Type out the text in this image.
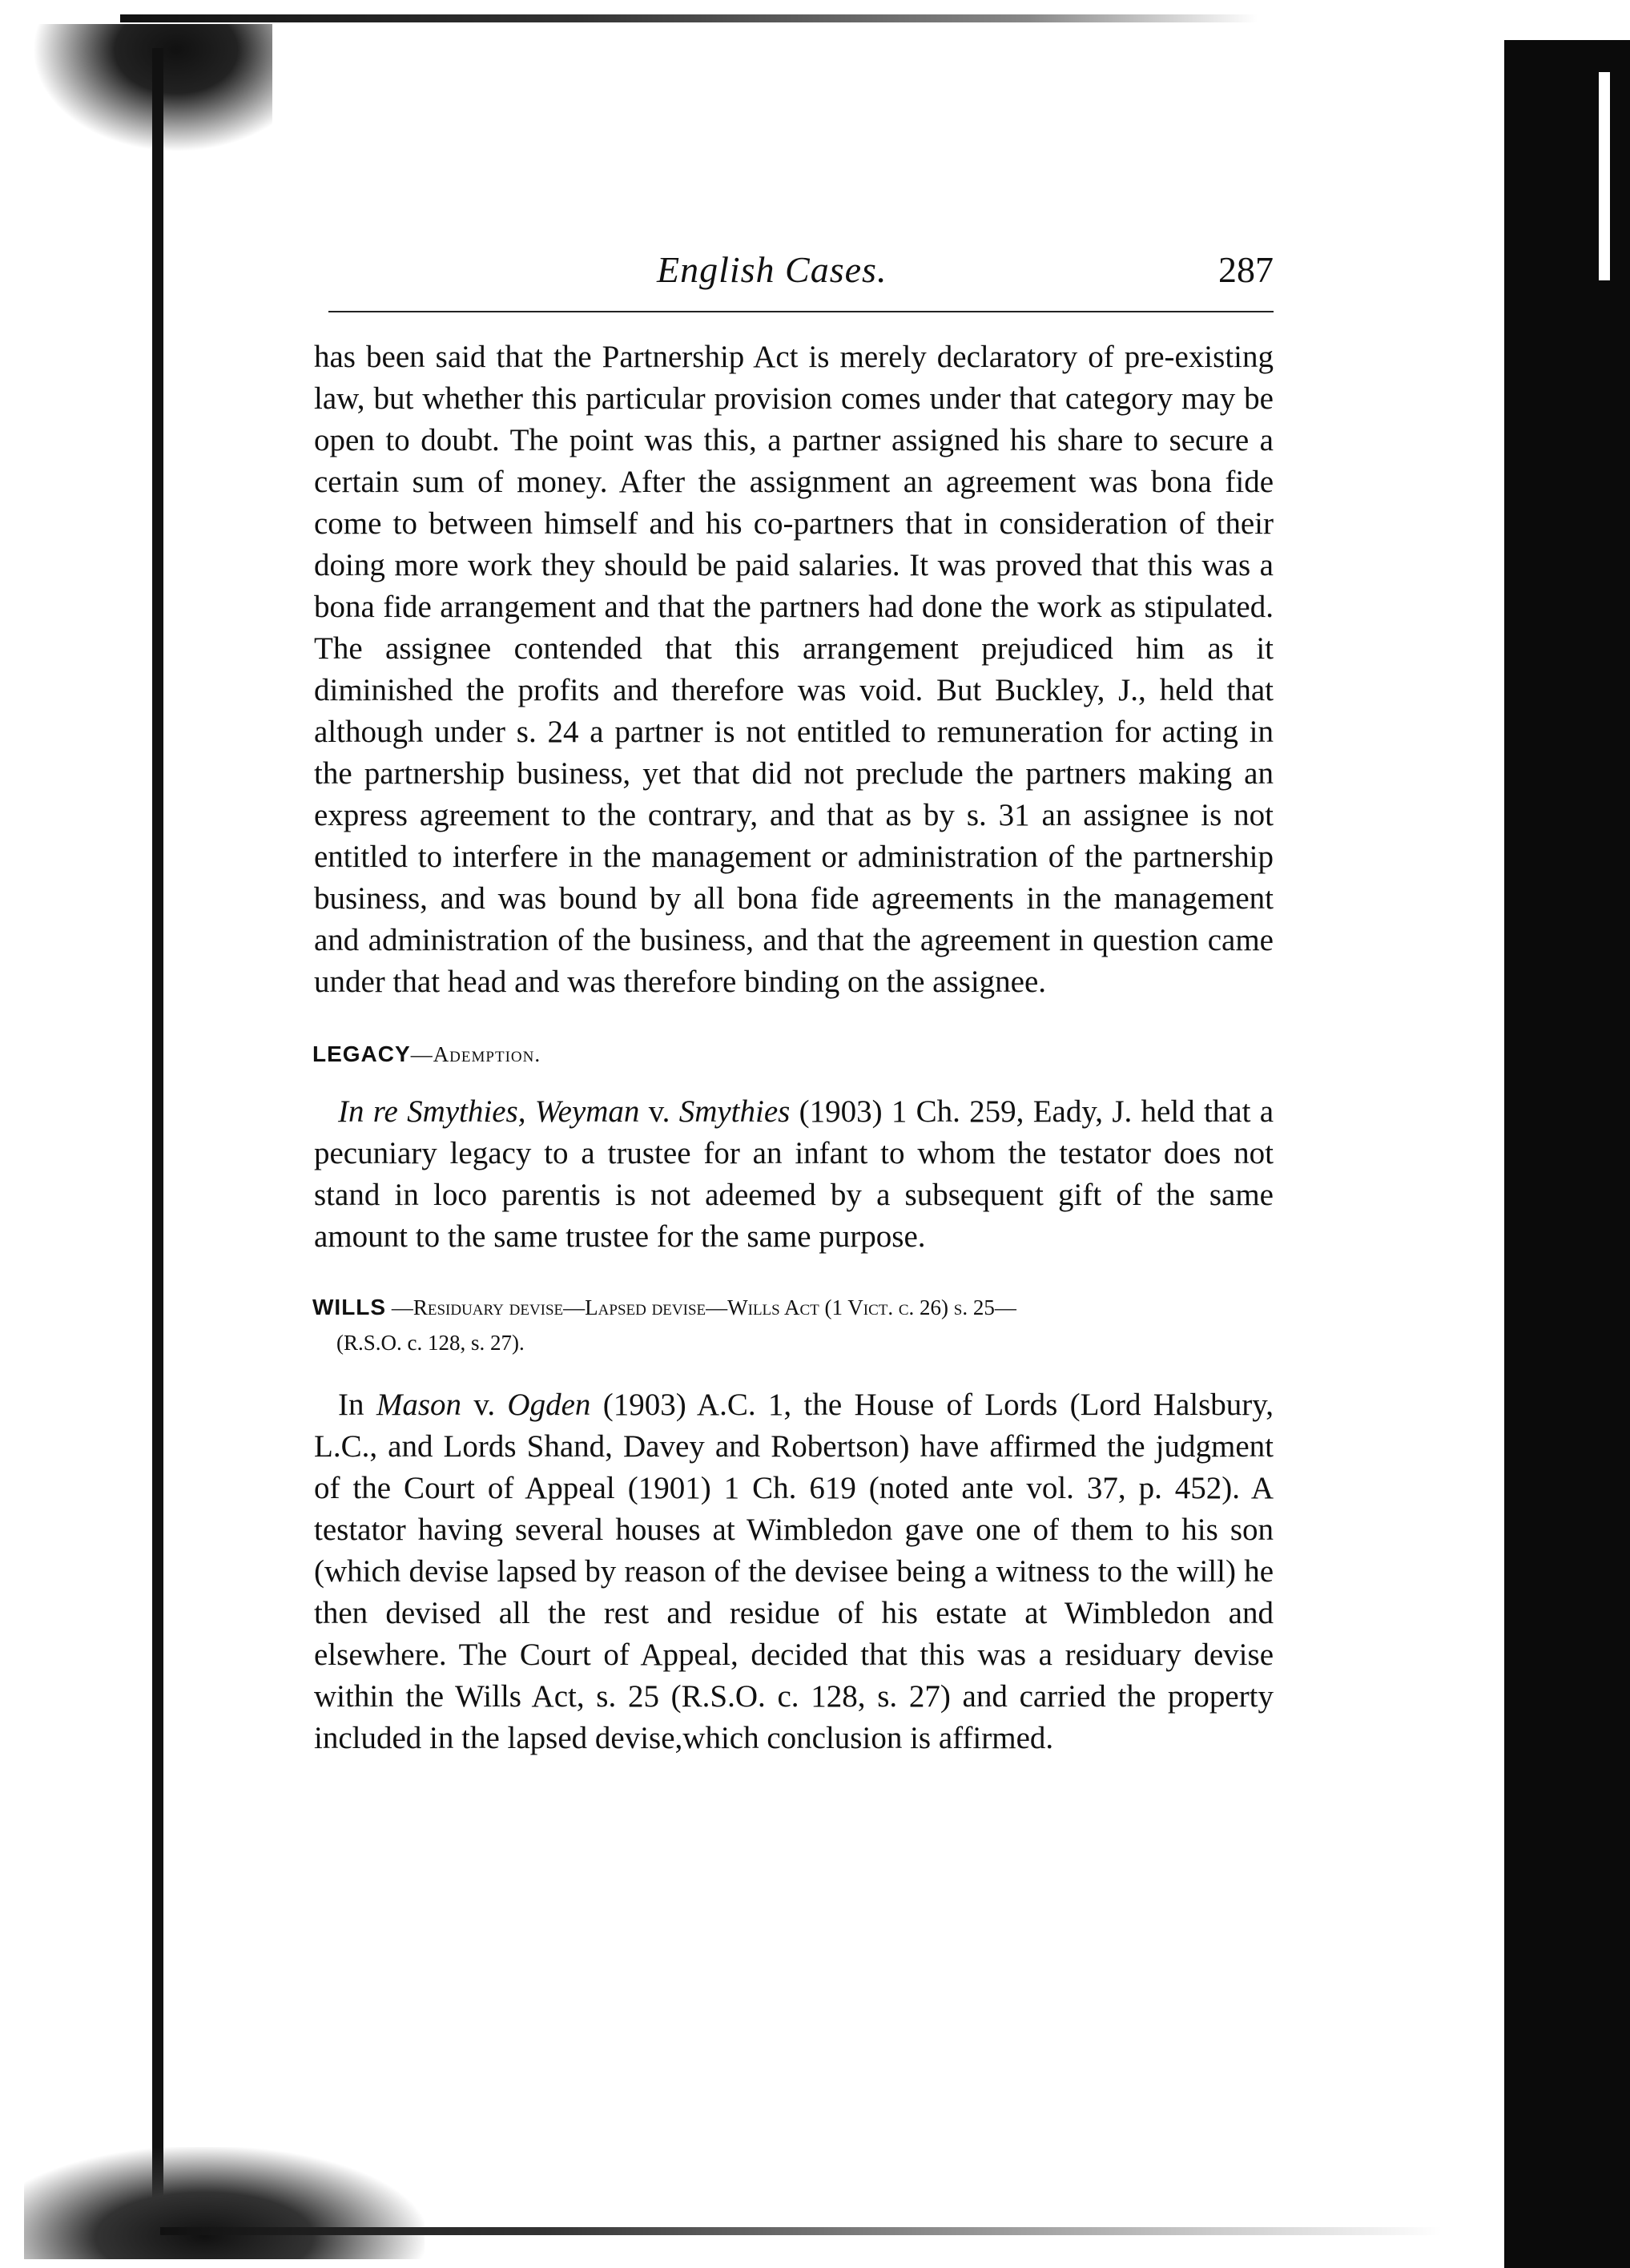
English Cases.	287

has been said that the Partnership Act is merely declaratory of pre-existing law, but whether this particular provision comes under that category may be open to doubt. The point was this, a partner assigned his share to secure a certain sum of money. After the assignment an agreement was bona fide come to between himself and his co-partners that in consideration of their doing more work they should be paid salaries. It was proved that this was a bona fide arrangement and that the partners had done the work as stipulated. The assignee contended that this arrangement prejudiced him as it diminished the profits and therefore was void. But Buckley, J., held that although under s. 24 a partner is not entitled to remuneration for acting in the partnership business, yet that did not preclude the partners making an express agreement to the contrary, and that as by s. 31 an assignee is not entitled to interfere in the management or administration of the partnership business, and was bound by all bona fide agreements in the management and administration of the business, and that the agreement in question came under that head and was therefore binding on the assignee.

LEGACY—Ademption.

In re Smythies, Weyman v. Smythies (1903) 1 Ch. 259, Eady, J. held that a pecuniary legacy to a trustee for an infant to whom the testator does not stand in loco parentis is not adeemed by a subsequent gift of the same amount to the same trustee for the same purpose.

WILLS —Residuary devise—Lapsed devise—Wills Act (1 Vict. c. 26) s. 25—
(R.S.O. c. 128, s. 27).

In Mason v. Ogden (1903) A.C. 1, the House of Lords (Lord Halsbury, L.C., and Lords Shand, Davey and Robertson) have affirmed the judgment of the Court of Appeal (1901) 1 Ch. 619 (noted ante vol. 37, p. 452). A testator having several houses at Wimbledon gave one of them to his son (which devise lapsed by reason of the devisee being a witness to the will) he then devised all the rest and residue of his estate at Wimbledon and elsewhere. The Court of Appeal, decided that this was a residuary devise within the Wills Act, s. 25 (R.S.O. c. 128, s. 27) and carried the property included in the lapsed devise,which conclusion is affirmed.
